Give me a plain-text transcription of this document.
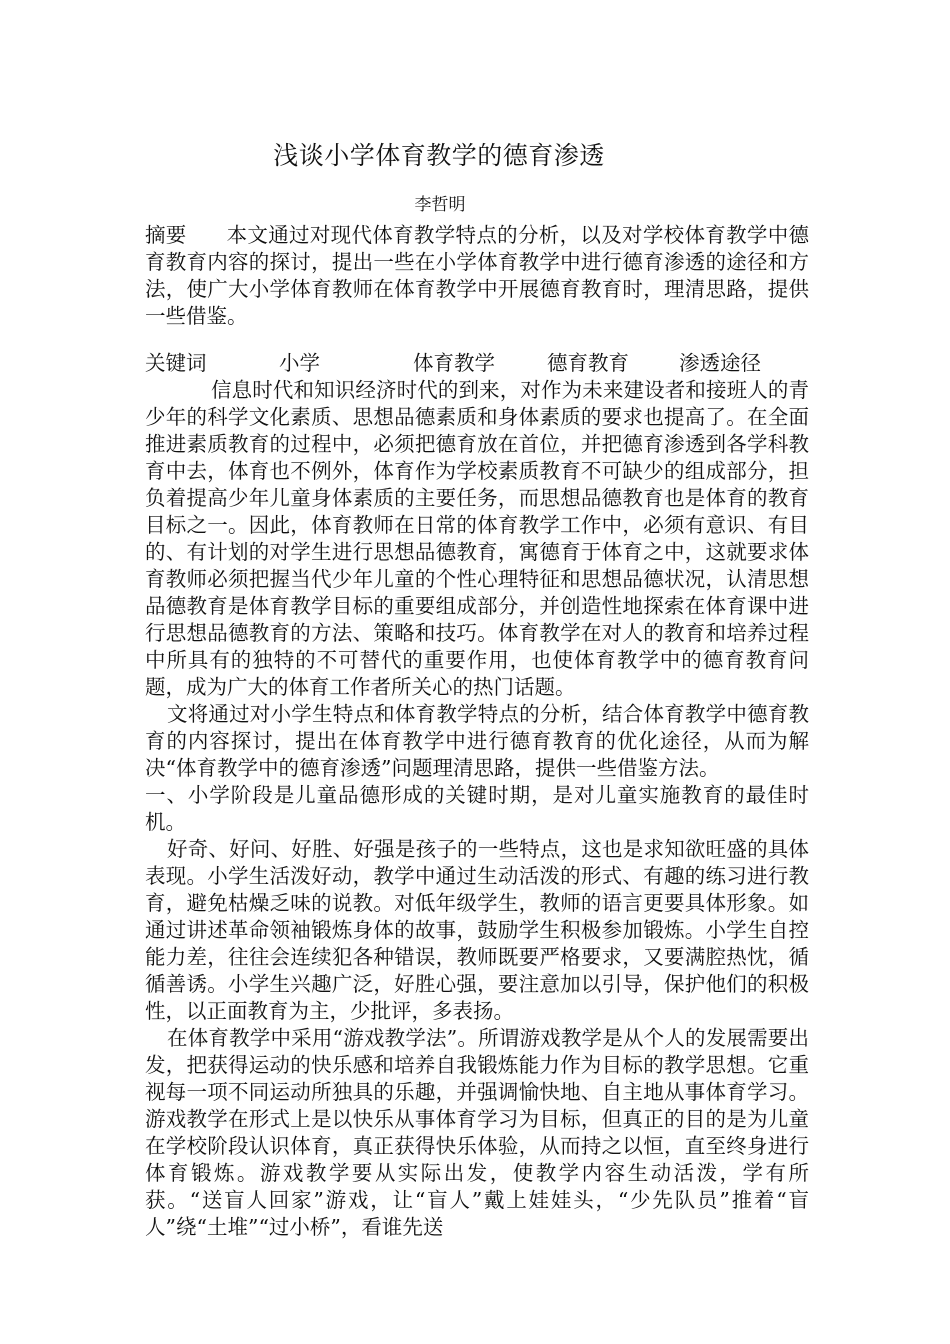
浅谈小学体育教学的德育渗透
李哲明

摘要 本文通过对现代体育教学特点的分析，以及对学校体育教学中德育教育内容的探讨，提出一些在小学体育教学中进行德育渗透的途径和方法，使广大小学体育教师在体育教学中开展德育教育时，理清思路，提供一些借鉴。

关键词	小学	体育教学	德育教育	渗透途径

信息时代和知识经济时代的到来，对作为未来建设者和接班人的青少年的科学文化素质、思想品德素质和身体素质的要求也提高了。在全面推进素质教育的过程中，必须把德育放在首位，并把德育渗透到各学科教育中去，体育也不例外，体育作为学校素质教育不可缺少的组成部分，担负着提高少年儿童身体素质的主要任务，而思想品德教育也是体育的教育目标之一。因此，体育教师在日常的体育教学工作中，必须有意识、有目的、有计划的对学生进行思想品德教育，寓德育于体育之中，这就要求体育教师必须把握当代少年儿童的个性心理特征和思想品德状况，认清思想品德教育是体育教学目标的重要组成部分，并创造性地探索在体育课中进行思想品德教育的方法、策略和技巧。体育教学在对人的教育和培养过程中所具有的独特的不可替代的重要作用，也使体育教学中的德育教育问题，成为广大的体育工作者所关心的热门话题。

文将通过对小学生特点和体育教学特点的分析，结合体育教学中德育教育的内容探讨，提出在体育教学中进行德育教育的优化途径，从而为解决“体育教学中的德育渗透”问题理清思路，提供一些借鉴方法。

一、小学阶段是儿童品德形成的关键时期，是对儿童实施教育的最佳时机。

好奇、好问、好胜、好强是孩子的一些特点，这也是求知欲旺盛的具体表现。小学生活泼好动，教学中通过生动活泼的形式、有趣的练习进行教育，避免枯燥乏味的说教。对低年级学生，教师的语言更要具体形象。如通过讲述革命领袖锻炼身体的故事，鼓励学生积极参加锻炼。小学生自控能力差，往往会连续犯各种错误，教师既要严格要求，又要满腔热忱，循循善诱。小学生兴趣广泛，好胜心强，要注意加以引导，保护他们的积极性，以正面教育为主，少批评，多表扬。

在体育教学中采用“游戏教学法”。所谓游戏教学是从个人的发展需要出发，把获得运动的快乐感和培养自我锻炼能力作为目标的教学思想。它重视每一项不同运动所独具的乐趣，并强调愉快地、自主地从事体育学习。游戏教学在形式上是以快乐从事体育学习为目标，但真正的目的是为儿童在学校阶段认识体育，真正获得快乐体验，从而持之以恒，直至终身进行体育锻炼。游戏教学要从实际出发，使教学内容生动活泼，学有所获。“送盲人回家”游戏，让“盲人”戴上娃娃头，“少先队员”推着“盲人”绕“土堆”“过小桥”，看谁先送
